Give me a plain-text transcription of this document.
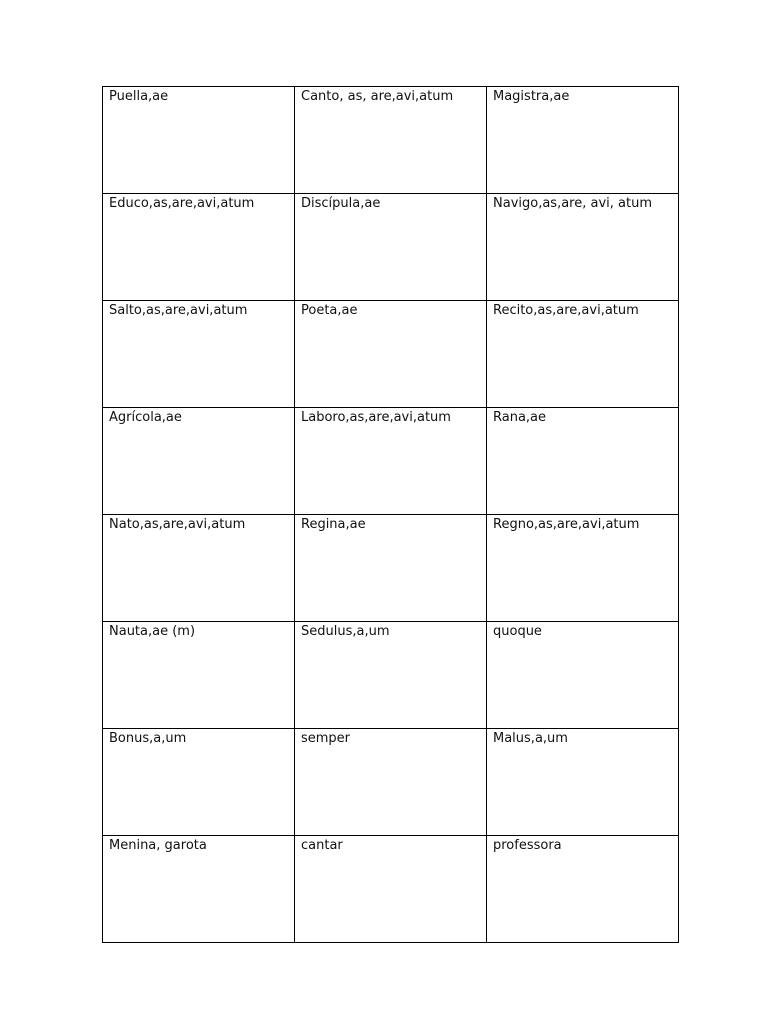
Puella,ae	Canto, as, are,avi,atum	Magistra,ae
Educo,as,are,avi,atum	Discípula,ae	Navigo,as,are, avi, atum
Salto,as,are,avi,atum	Poeta,ae	Recito,as,are,avi,atum
Agrícola,ae	Laboro,as,are,avi,atum	Rana,ae
Nato,as,are,avi,atum	Regina,ae	Regno,as,are,avi,atum
Nauta,ae (m)	Sedulus,a,um	quoque
Bonus,a,um	semper	Malus,a,um
Menina, garota	cantar	professora
